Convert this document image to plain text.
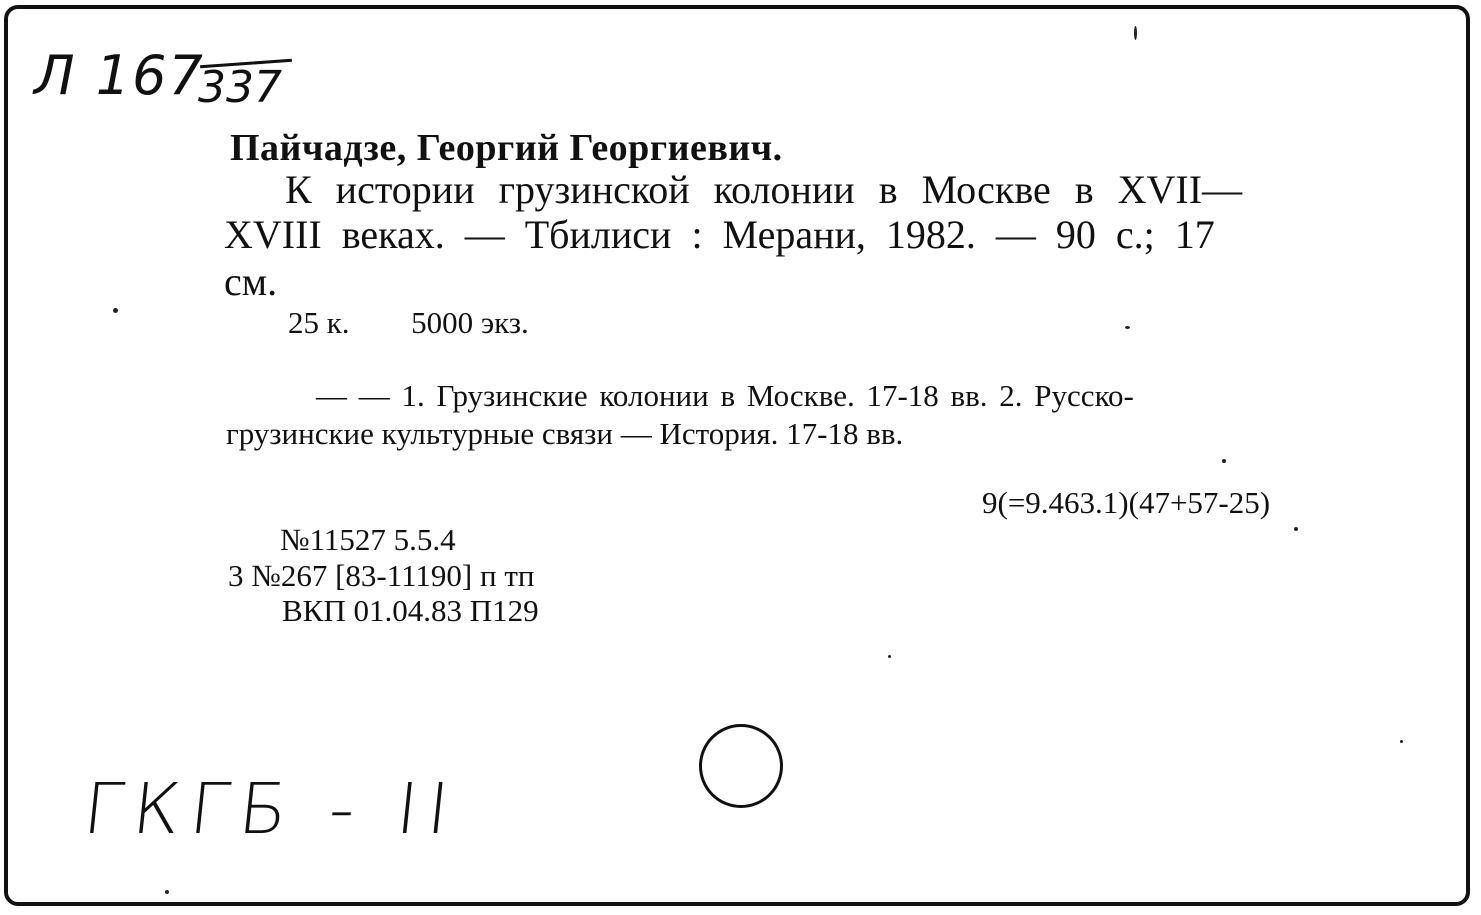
Л 167
337

Пайчадзе, Георгий Георгиевич.

К истории грузинской колонии в Москве в XVII—

XVIII веках. — Тбилиси : Мерани, 1982. — 90 с.; 17

см.

25 к. 5000 экз.

— — 1. Грузинские колонии в Москве. 17-18 вв. 2. Русско-

грузинские культурные связи — История. 17-18 вв.

9(=9.463.1)(47+57-25)

№11527 5.5.4

3 №267 [83-11190] п тп

ВКП 01.04.83 П129

ГКГБ - II
